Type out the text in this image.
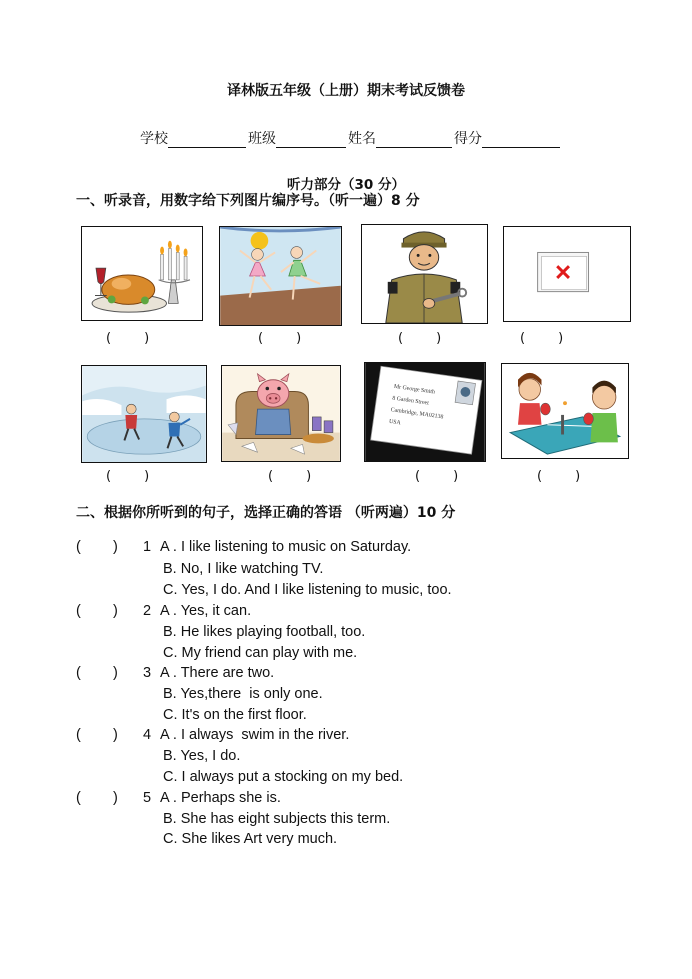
译林版五年级（上册）期末考试反馈卷
学校	班级	姓名	得分
听力部分（30 分）
一、听录音，用数字给下列图片编序号。（听一遍）8 分
(        )	(        )	(        )	(        )
Mr George Smith
8 Garden Street
Cambridge, MA02138
USA
(        )	(        )	(        )	(        )
二、根据你所听到的句子，选择正确的答语 （听两遍）10 分
(        ) 1 A . I like listening to music on Saturday.
B. No, I like watching TV.
C. Yes, I do. And I like listening to music, too.
(        ) 2 A . Yes, it can.
B. He likes playing football, too.
C. My friend can play with me.
(        ) 3 A . There are two.
B. Yes,there  is only one.
C. It's on the first floor.
(        ) 4 A . I always  swim in the river.
B. Yes, I do.
C. I always put a stocking on my bed.
(        ) 5 A . Perhaps she is.
B. She has eight subjects this term.
C. She likes Art very much.
